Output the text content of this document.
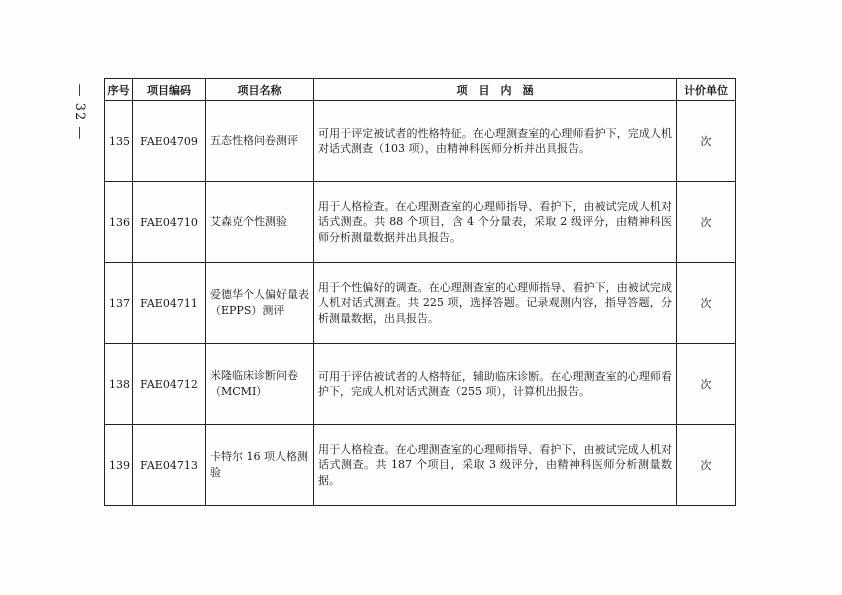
— 32 —	序号	项目编码	项目名称	项　目　内　涵	计价单位
135	FAE04709	五态性格问卷测评	可用于评定被试者的性格特征。在心理测查室的心理师看护下，完成人机对话式测查（103 项），由精神科医师分析并出具报告。	次
136	FAE04710	艾森克个性测验	用于人格检查。在心理测查室的心理师指导、看护下，由被试完成人机对话式测查。共 88 个项目，含 4 个分量表，采取 2 级评分，由精神科医师分析测量数据并出具报告。	次
137	FAE04711	爱德华个人偏好量表（EPPS）测评	用于个性偏好的调查。在心理测查室的心理师指导、看护下，由被试完成人机对话式测查。共 225 项，选择答题。记录观测内容，指导答题，分析测量数据，出具报告。	次
138	FAE04712	米隆临床诊断问卷（MCMI）	可用于评估被试者的人格特征，辅助临床诊断。在心理测查室的心理师看护下，完成人机对话式测查（255 项），计算机出报告。	次
139	FAE04713	卡特尔 16 项人格测验	用于人格检查。在心理测查室的心理师指导、看护下，由被试完成人机对话式测查。共 187 个项目，采取 3 级评分，由精神科医师分析测量数据。	次
